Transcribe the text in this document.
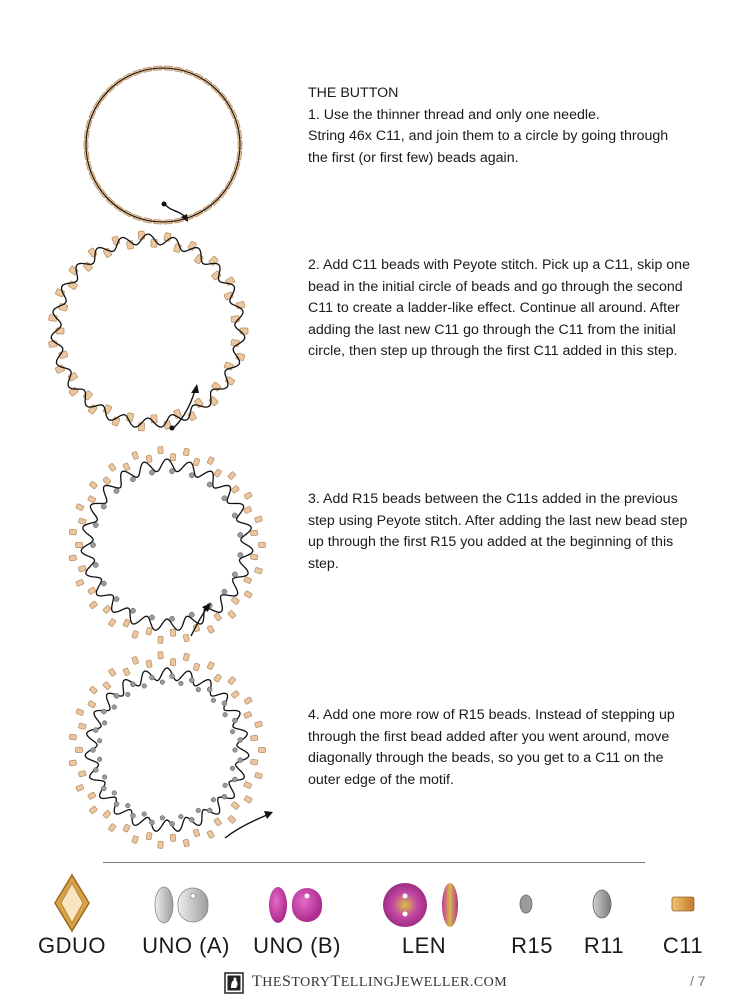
THE BUTTON

1. Use the thinner thread and only one needle.

String 46x C11, and join them to a circle by going through

the first (or first few) beads again.

2. Add C11 beads with Peyote stitch. Pick up a C11, skip one

bead in the initial circle of beads and go through the second

C11 to create a ladder-like effect. Continue all around. After

adding the last new C11 go through the C11 from the initial

circle, then step up through the first C11 added in this step.

3. Add R15 beads between the C11s added in the previous

step using Peyote stitch. After adding the last new bead step

up through the first R15 you added at the beginning of this

step.

4. Add one more row of R15 beads. Instead of stepping up

through the first bead added after you went around, move

diagonally through the beads, so you get to a C11 on the

outer edge of the motif.

GDUO UNO (A) UNO (B)	LEN	R15 R11 C11
THESTORYTELLINGJEWELLER.COM	/ 7
